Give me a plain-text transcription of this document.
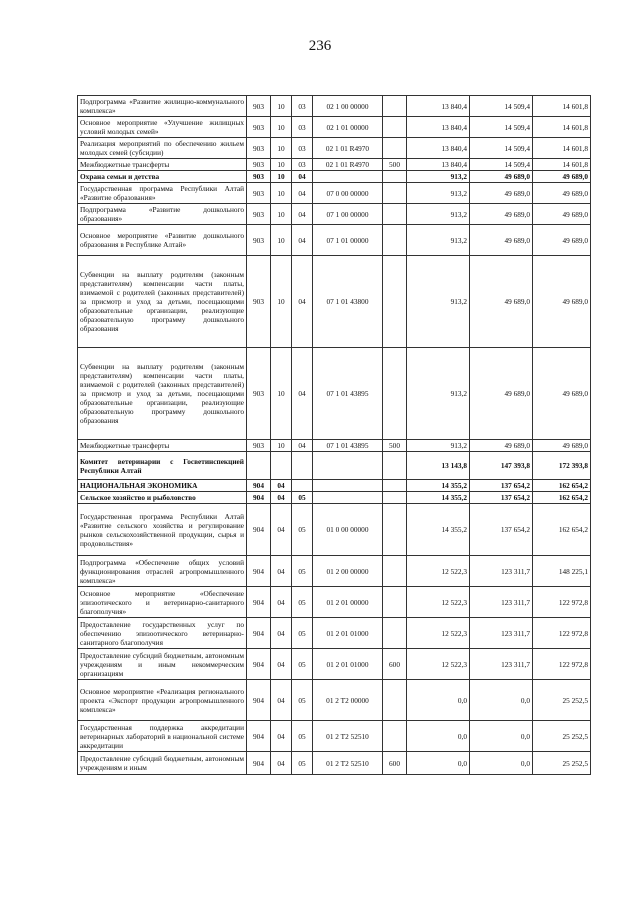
236
Подпрограмма «Развитие жилищно-коммунального комплекса»	903	10	03	02 1 00 00000		13 840,4	14 509,4	14 601,8
Основное мероприятие «Улучшение жилищных условий молодых семей»	903	10	03	02 1 01 00000		13 840,4	14 509,4	14 601,8
Реализация мероприятий по обеспечению жильем молодых семей (субсидии)	903	10	03	02 1 01 R4970		13 840,4	14 509,4	14 601,8
Межбюджетные трансферты	903	10	03	02 1 01 R4970	500	13 840,4	14 509,4	14 601,8
Охрана семьи и детства	903	10	04			913,2	49 689,0	49 689,0
Государственная программа Республики Алтай «Развитие образования»	903	10	04	07 0 00 00000		913,2	49 689,0	49 689,0
Подпрограмма «Развитие дошкольного образования»	903	10	04	07 1 00 00000		913,2	49 689,0	49 689,0
Основное мероприятие «Развитие дошкольного образования в Республике Алтай»	903	10	04	07 1 01 00000		913,2	49 689,0	49 689,0
Субвенции на выплату родителям (законным представителям) компенсации части платы, взимаемой с родителей (законных представителей) за присмотр и уход за детьми, посещающими образовательные организации, реализующие образовательную программу дошкольного образования	903	10	04	07 1 01 43800		913,2	49 689,0	49 689,0
Субвенции на выплату родителям (законным представителям) компенсации части платы, взимаемой с родителей (законных представителей) за присмотр и уход за детьми, посещающими образовательные организации, реализующие образовательную программу дошкольного образования	903	10	04	07 1 01 43895		913,2	49 689,0	49 689,0
Межбюджетные трансферты	903	10	04	07 1 01 43895	500	913,2	49 689,0	49 689,0
Комитет ветеринарии с Госветинспекцией Республики Алтай						13 143,8	147 393,8	172 393,8
НАЦИОНАЛЬНАЯ ЭКОНОМИКА	904	04				14 355,2	137 654,2	162 654,2
Сельское хозяйство и рыболовство	904	04	05			14 355,2	137 654,2	162 654,2
Государственная программа Республики Алтай «Развитие сельского хозяйства и регулирование рынков сельскохозяйственной продукции, сырья и продовольствия»	904	04	05	01 0 00 00000		14 355,2	137 654,2	162 654,2
Подпрограмма «Обеспечение общих условий функционирования отраслей агропромышленного комплекса»	904	04	05	01 2 00 00000		12 522,3	123 311,7	148 225,1
Основное мероприятие «Обеспечение эпизоотического и ветеринарно-санитарного благополучия»	904	04	05	01 2 01 00000		12 522,3	123 311,7	122 972,8
Предоставление государственных услуг по обеспечению эпизоотического ветеринарно-санитарного благополучия	904	04	05	01 2 01 01000		12 522,3	123 311,7	122 972,8
Предоставление субсидий бюджетным, автономным учреждениям и иным некоммерческим организациям	904	04	05	01 2 01 01000	600	12 522,3	123 311,7	122 972,8
Основное мероприятие «Реализация регионального проекта «Экспорт продукции агропромышленного комплекса»	904	04	05	01 2 T2 00000		0,0	0,0	25 252,5
Государственная поддержка аккредитации ветеринарных лабораторий в национальной системе аккредитации	904	04	05	01 2 T2 52510		0,0	0,0	25 252,5
Предоставление субсидий бюджетным, автономным учреждениям и иным	904	04	05	01 2 T2 52510	600	0,0	0,0	25 252,5
